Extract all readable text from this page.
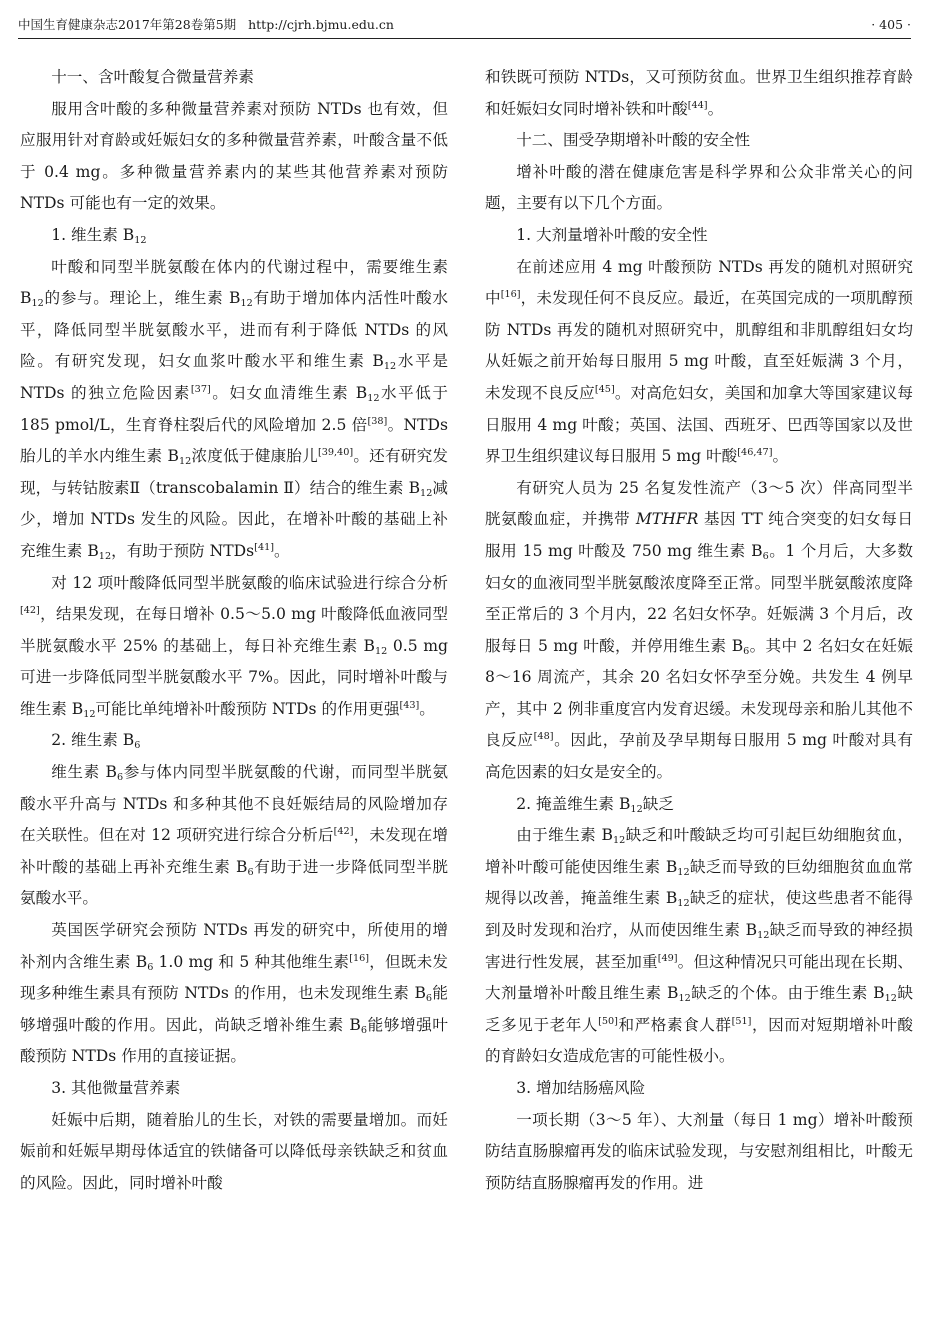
中国生育健康杂志2017年第28卷第5期 http://cjrh.bjmu.edu.cn	· 405 ·

十一、含叶酸复合微量营养素

服用含叶酸的多种微量营养素对预防 NTDs 也有效，但应服用针对育龄或妊娠妇女的多种微量营养素，叶酸含量不低于 0.4 mg。多种微量营养素内的某些其他营养素对预防 NTDs 可能也有一定的效果。

1. 维生素 $B_{12}$

叶酸和同型半胱氨酸在体内的代谢过程中，需要维生素 $B_{12}$的参与。理论上，维生素 $B_{12}$有助于增加体内活性叶酸水平，降低同型半胱氨酸水平，进而有利于降低 NTDs 的风险。有研究发现，妇女血浆叶酸水平和维生素 $B_{12}$水平是 NTDs 的独立危险因素[37]。妇女血清维生素 $B_{12}$水平低于 185 pmol/L，生育脊柱裂后代的风险增加 2.5 倍[38]。NTDs 胎儿的羊水内维生素 $B_{12}$浓度低于健康胎儿[39,40]。还有研究发现，与转钴胺素Ⅱ（transcobalamin Ⅱ）结合的维生素 $B_{12}$减少，增加 NTDs 发生的风险。因此，在增补叶酸的基础上补充维生素 $B_{12}$，有助于预防 NTDs[41]。

对 12 项叶酸降低同型半胱氨酸的临床试验进行综合分析[42]，结果发现，在每日增补 0.5～5.0 mg 叶酸降低血液同型半胱氨酸水平 25% 的基础上，每日补充维生素 $B_{12}$ 0.5 mg 可进一步降低同型半胱氨酸水平 7%。因此，同时增补叶酸与维生素 $B_{12}$可能比单纯增补叶酸预防 NTDs 的作用更强[43]。

2. 维生素 $B_6$

维生素 $B_6$参与体内同型半胱氨酸的代谢，而同型半胱氨酸水平升高与 NTDs 和多种其他不良妊娠结局的风险增加存在关联性。但在对 12 项研究进行综合分析后[42]，未发现在增补叶酸的基础上再补充维生素 $B_6$有助于进一步降低同型半胱氨酸水平。

英国医学研究会预防 NTDs 再发的研究中，所使用的增补剂内含维生素 $B_6$ 1.0 mg 和 5 种其他维生素[16]，但既未发现多种维生素具有预防 NTDs 的作用，也未发现维生素 $B_6$能够增强叶酸的作用。因此，尚缺乏增补维生素 $B_6$能够增强叶酸预防 NTDs 作用的直接证据。

3. 其他微量营养素

妊娠中后期，随着胎儿的生长，对铁的需要量增加。而妊娠前和妊娠早期母体适宜的铁储备可以降低母亲铁缺乏和贫血的风险。因此，同时增补叶酸

和铁既可预防 NTDs，又可预防贫血。世界卫生组织推荐育龄和妊娠妇女同时增补铁和叶酸[44]。

十二、围受孕期增补叶酸的安全性

增补叶酸的潜在健康危害是科学界和公众非常关心的问题，主要有以下几个方面。

1. 大剂量增补叶酸的安全性

在前述应用 4 mg 叶酸预防 NTDs 再发的随机对照研究中[16]，未发现任何不良反应。最近，在英国完成的一项肌醇预防 NTDs 再发的随机对照研究中，肌醇组和非肌醇组妇女均从妊娠之前开始每日服用 5 mg 叶酸，直至妊娠满 3 个月，未发现不良反应[45]。对高危妇女，美国和加拿大等国家建议每日服用 4 mg 叶酸；英国、法国、西班牙、巴西等国家以及世界卫生组织建议每日服用 5 mg 叶酸[46,47]。

有研究人员为 25 名复发性流产（3～5 次）伴高同型半胱氨酸血症，并携带 MTHFR 基因 TT 纯合突变的妇女每日服用 15 mg 叶酸及 750 mg 维生素 $B_6$。1 个月后，大多数妇女的血液同型半胱氨酸浓度降至正常。同型半胱氨酸浓度降至正常后的 3 个月内，22 名妇女怀孕。妊娠满 3 个月后，改服每日 5 mg 叶酸，并停用维生素 $B_6$。其中 2 名妇女在妊娠 8～16 周流产，其余 20 名妇女怀孕至分娩。共发生 4 例早产，其中 2 例非重度宫内发育迟缓。未发现母亲和胎儿其他不良反应[48]。因此，孕前及孕早期每日服用 5 mg 叶酸对具有高危因素的妇女是安全的。

2. 掩盖维生素 $B_{12}$缺乏

由于维生素 $B_{12}$缺乏和叶酸缺乏均可引起巨幼细胞贫血，增补叶酸可能使因维生素 $B_{12}$缺乏而导致的巨幼细胞贫血血常规得以改善，掩盖维生素 $B_{12}$缺乏的症状，使这些患者不能得到及时发现和治疗，从而使因维生素 $B_{12}$缺乏而导致的神经损害进行性发展，甚至加重[49]。但这种情况只可能出现在长期、大剂量增补叶酸且维生素 $B_{12}$缺乏的个体。由于维生素 $B_{12}$缺乏多见于老年人[50]和严格素食人群[51]，因而对短期增补叶酸的育龄妇女造成危害的可能性极小。

3. 增加结肠癌风险

一项长期（3～5 年）、大剂量（每日 1 mg）增补叶酸预防结直肠腺瘤再发的临床试验发现，与安慰剂组相比，叶酸无预防结直肠腺瘤再发的作用。进
